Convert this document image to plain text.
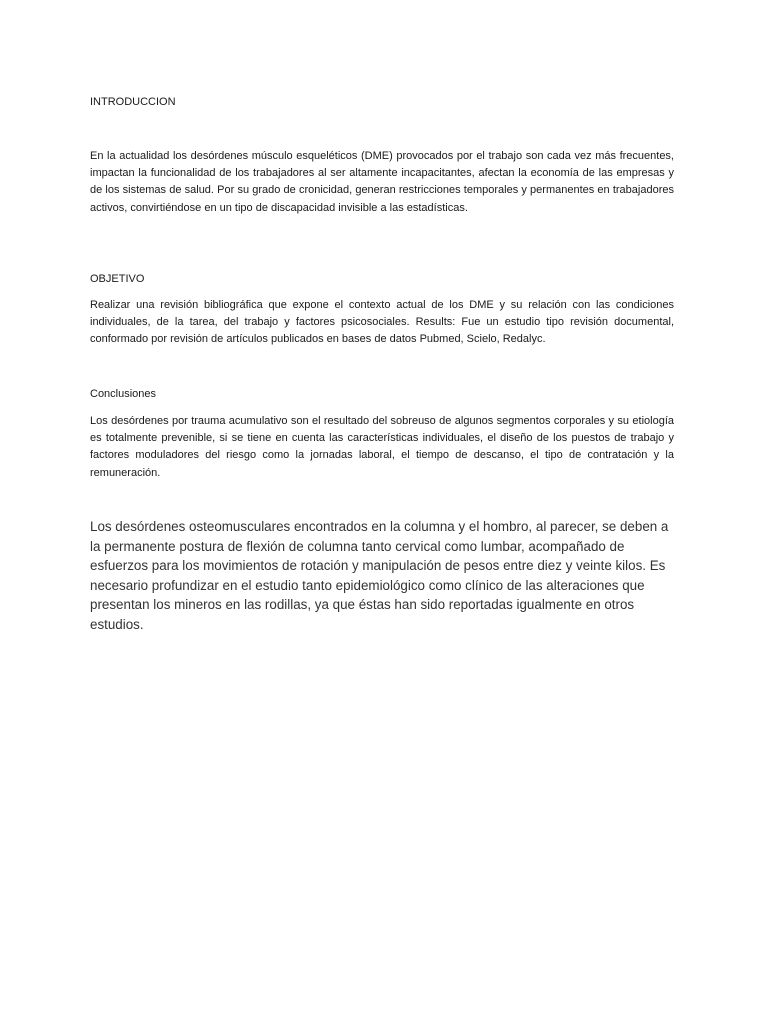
INTRODUCCION

En la actualidad los desórdenes músculo esqueléticos (DME) provocados por el trabajo son cada vez más frecuentes, impactan la funcionalidad de los trabajadores al ser altamente incapacitantes, afectan la economía de las empresas y de los sistemas de salud. Por su grado de cronicidad, generan restricciones temporales y permanentes en trabajadores activos, convirtiéndose en un tipo de discapacidad invisible a las estadísticas.

OBJETIVO

Realizar una revisión bibliográfica que expone el contexto actual de los DME y su relación con las condiciones individuales, de la tarea, del trabajo y factores psicosociales. Results: Fue un estudio tipo revisión documental, conformado por revisión de artículos publicados en bases de datos Pubmed, Scielo, Redalyc.

Conclusiones

Los desórdenes por trauma acumulativo son el resultado del sobreuso de algunos segmentos corporales y su etiología es totalmente prevenible, si se tiene en cuenta las características individuales, el diseño de los puestos de trabajo y factores moduladores del riesgo como la jornadas laboral, el tiempo de descanso, el tipo de contratación y la remuneración.

Los desórdenes osteomusculares encontrados en la columna y el hombro, al parecer, se deben a la permanente postura de flexión de columna tanto cervical como lumbar, acompañado de esfuerzos para los movimientos de rotación y manipulación de pesos entre diez y veinte kilos. Es necesario profundizar en el estudio tanto epidemiológico como clínico de las alteraciones que presentan los mineros en las rodillas, ya que éstas han sido reportadas igualmente en otros estudios.
